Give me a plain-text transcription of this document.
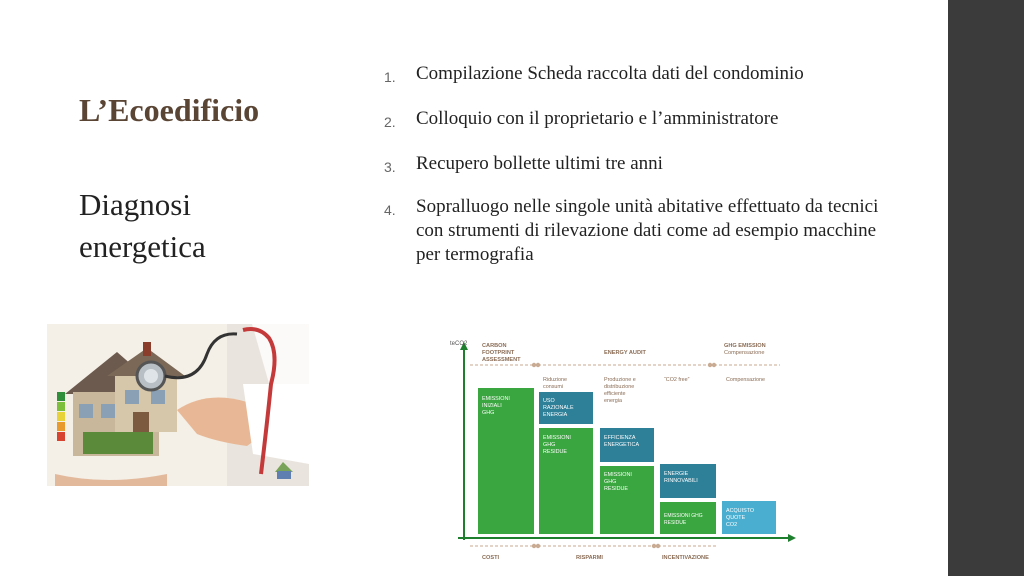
L’Ecoedificio
Diagnosi
energetica
1.	Compilazione Scheda raccolta dati del condominio
2.	Colloquio con il proprietario e l’amministratore
3.	Recupero bollette ultimi tre anni
4.	Sopralluogo nelle singole unità abitative effettuato da tecnici con strumenti di rilevazione dati come ad esempio macchine per termografia
teCO2	CARBON
FOOTPRINT
ASSESSMENT
ENERGY AUDIT
GHG EMISSION
Compensazione
Riduzione
consumi
Produzione e
distribuzione
efficiente
energia
“CO2 free”	Compensazione
EMISSIONI
INIZIALI
GHG
USO
RAZIONALE
ENERGIA
EMISSIONI
GHG
RESIDUE
EFFICIENZA
ENERGETICA
EMISSIONI
GHG
RESIDUE
ENERGIE
RINNOVABILI
EMISSIONI GHG
RESIDUE
ACQUISTO
QUOTE
CO2
COSTI	RISPARMI	INCENTIVAZIONE
